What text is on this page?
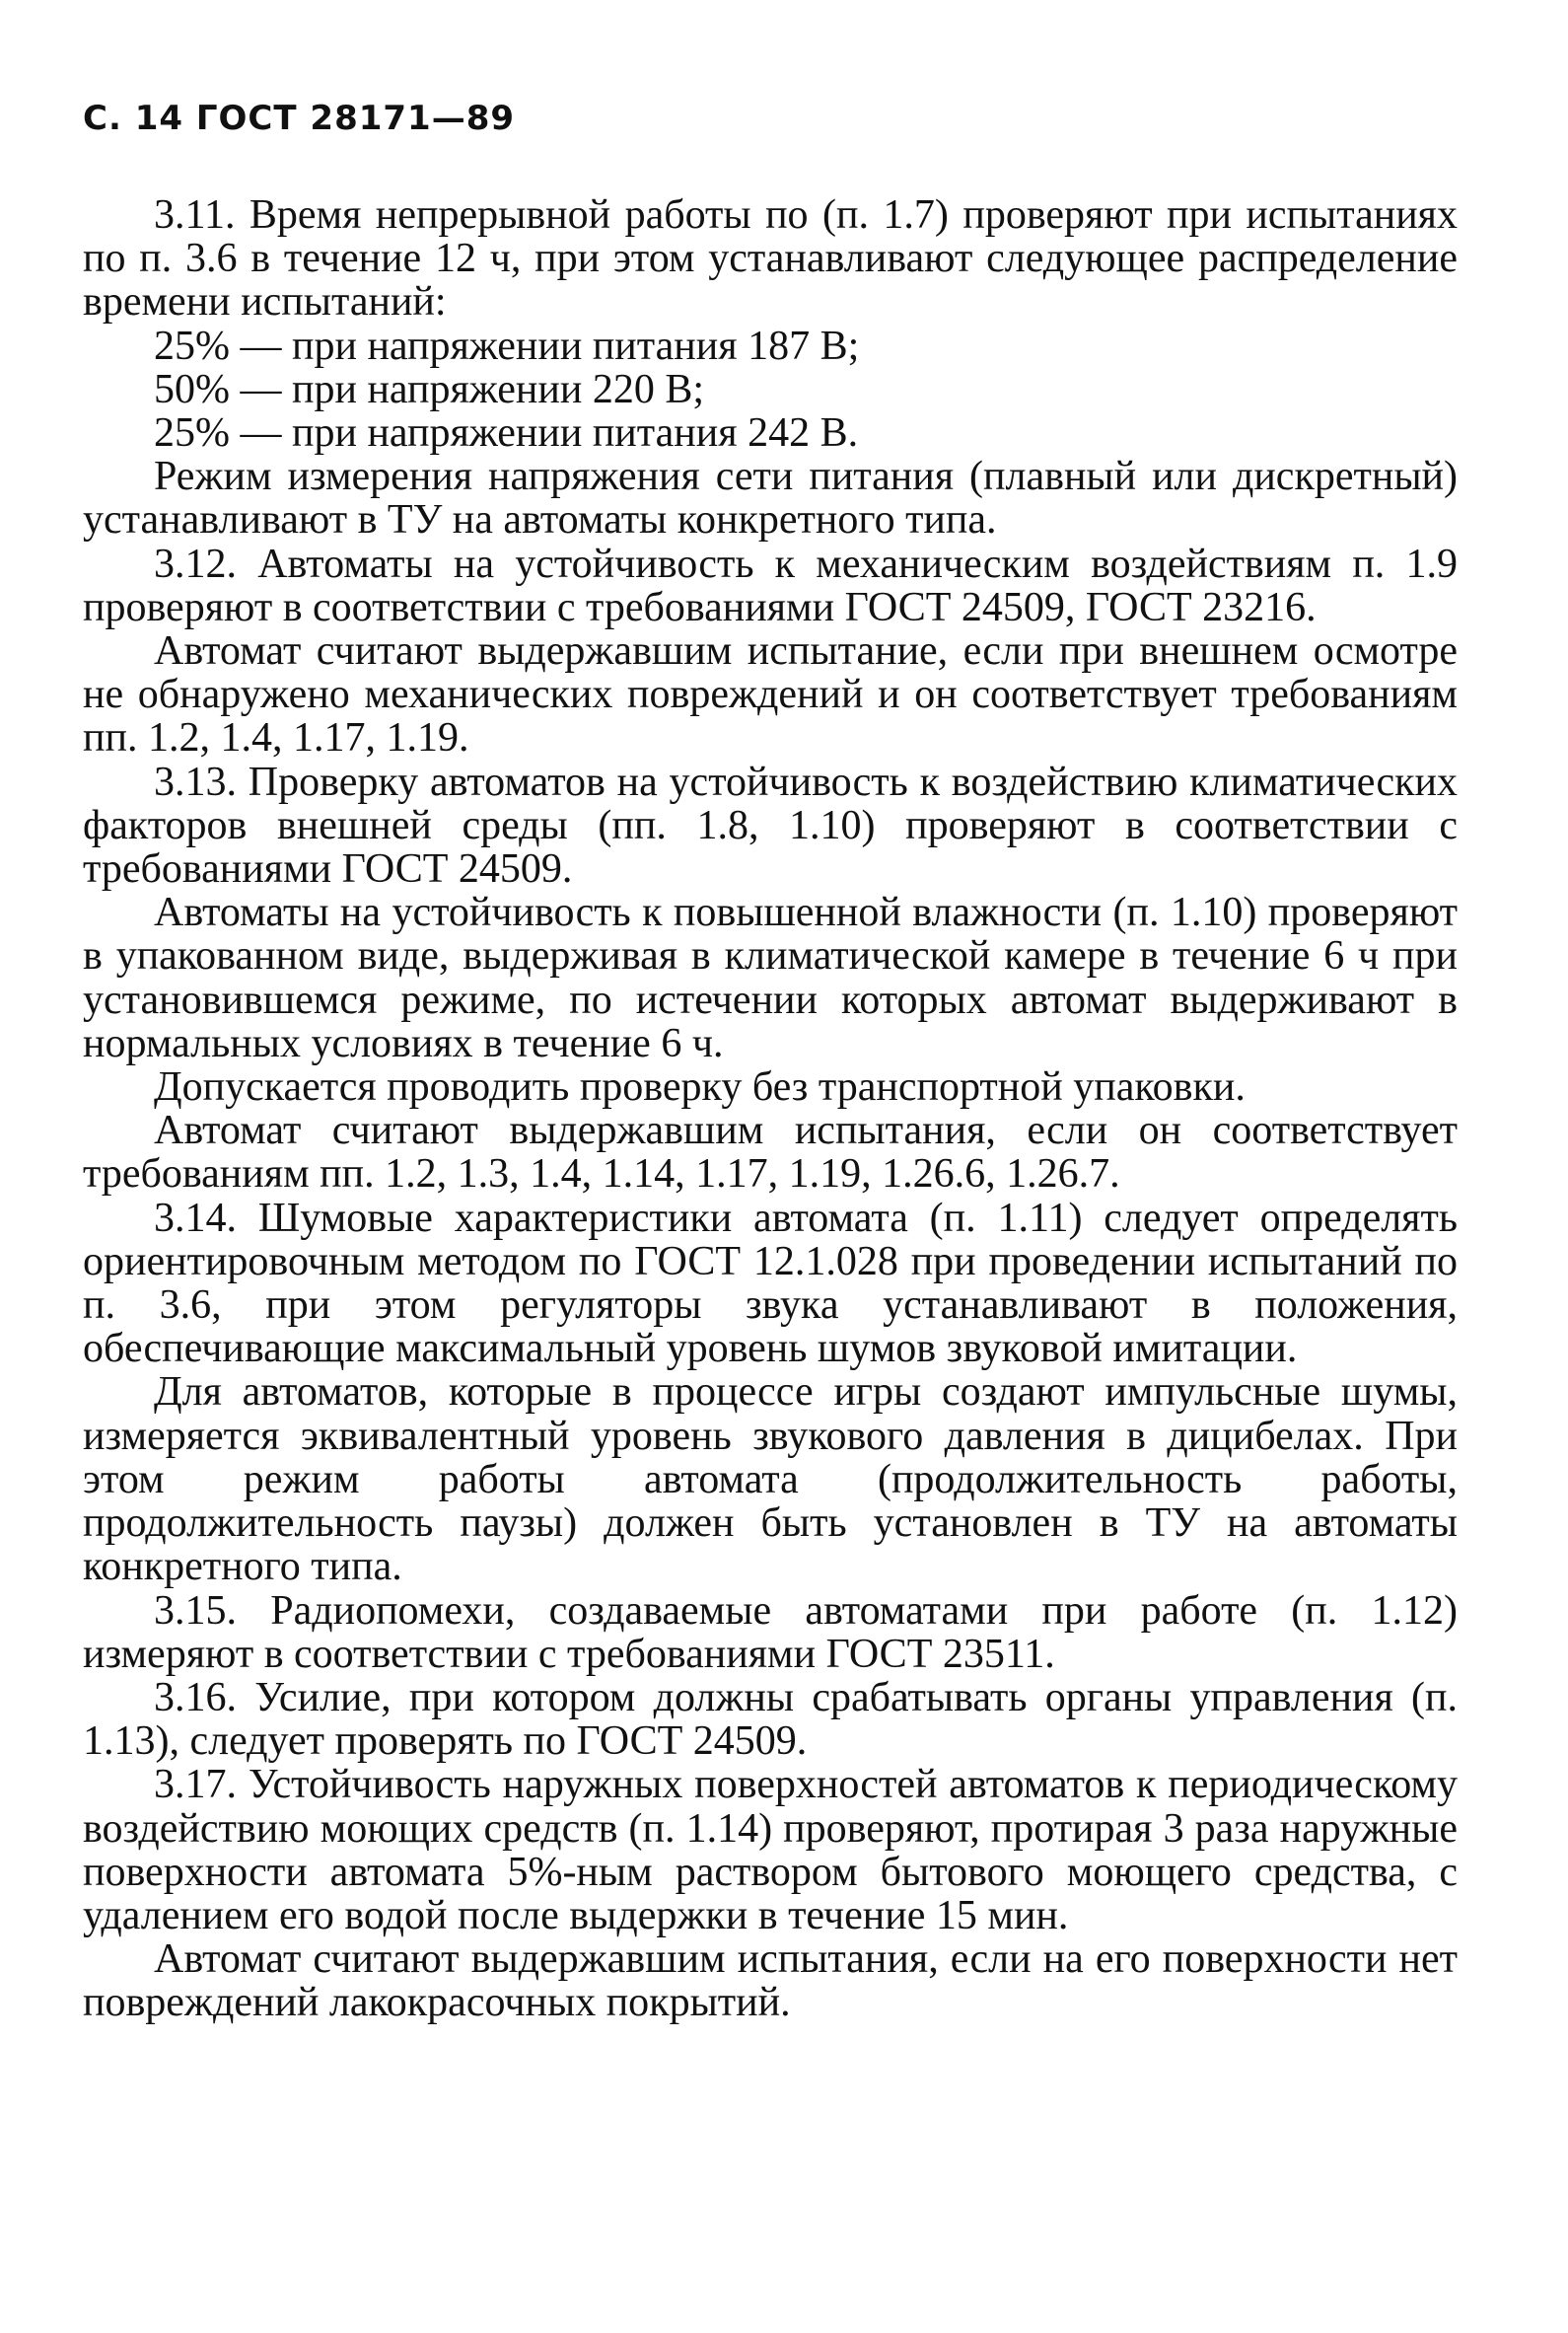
С. 14 ГОСТ 28171—89

3.11. Время непрерывной работы по (п. 1.7) проверяют при испытаниях по п. 3.6 в течение 12 ч, при этом устанавливают следующее распределение времени испытаний:

25% — при напряжении питания 187 В;

50% — при напряжении 220 В;

25% — при напряжении питания 242 В.

Режим измерения напряжения сети питания (плавный или дискретный) устанавливают в ТУ на автоматы конкретного типа.

3.12. Автоматы на устойчивость к механическим воздействиям п. 1.9 проверяют в соответствии с требованиями ГОСТ 24509, ГОСТ 23216.

Автомат считают выдержавшим испытание, если при внешнем осмотре не обнаружено механических повреждений и он соответствует требованиям пп. 1.2, 1.4, 1.17, 1.19.

3.13. Проверку автоматов на устойчивость к воздействию климатических факторов внешней среды (пп. 1.8, 1.10) проверяют в соответствии с требованиями ГОСТ 24509.

Автоматы на устойчивость к повышенной влажности (п. 1.10) проверяют в упакованном виде, выдерживая в климатической камере в течение 6 ч при установившемся режиме, по истечении которых автомат выдерживают в нормальных условиях в течение 6 ч.

Допускается проводить проверку без транспортной упаковки.

Автомат считают выдержавшим испытания, если он соответствует требованиям пп. 1.2, 1.3, 1.4, 1.14, 1.17, 1.19, 1.26.6, 1.26.7.

3.14. Шумовые характеристики автомата (п. 1.11) следует определять ориентировочным методом по ГОСТ 12.1.028 при проведении испытаний по п. 3.6, при этом регуляторы звука устанавливают в положения, обеспечивающие максимальный уровень шумов звуковой имитации.

Для автоматов, которые в процессе игры создают импульсные шумы, измеряется эквивалентный уровень звукового давления в дицибелах. При этом режим работы автомата (продолжительность работы, продолжительность паузы) должен быть установлен в ТУ на автоматы конкретного типа.

3.15. Радиопомехи, создаваемые автоматами при работе (п. 1.12) измеряют в соответствии с требованиями ГОСТ 23511.

3.16. Усилие, при котором должны срабатывать органы управления (п. 1.13), следует проверять по ГОСТ 24509.

3.17. Устойчивость наружных поверхностей автоматов к периодическому воздействию моющих средств (п. 1.14) проверяют, протирая 3 раза наружные поверхности автомата 5%-ным раствором бытового моющего средства, с удалением его водой после выдержки в течение 15 мин.

Автомат считают выдержавшим испытания, если на его поверхности нет повреждений лакокрасочных покрытий.
